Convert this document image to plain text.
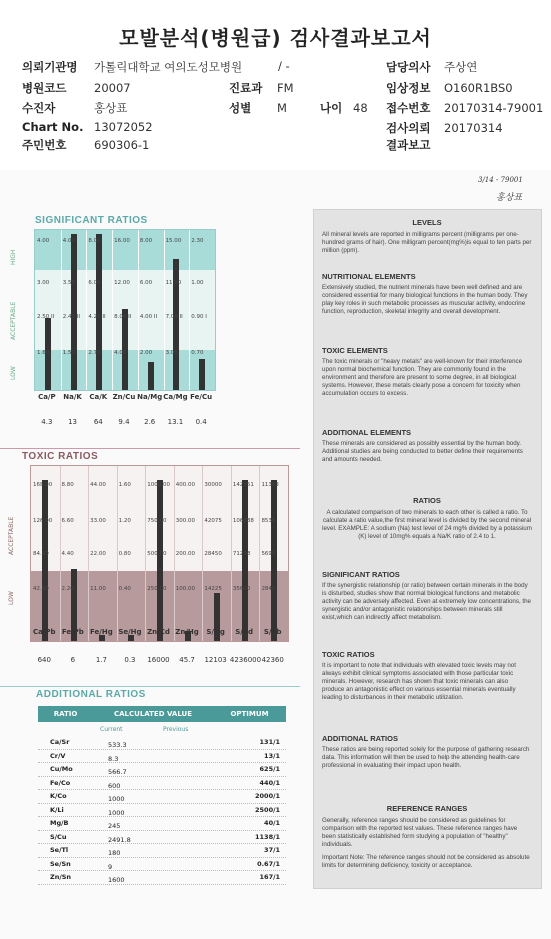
모발분석(병원급) 검사결과보고서
의뢰기관명 가톨릭대학교 여의도성모병원
병원코드 20007
수진자	홍상표
Chart No. 13072052
주민번호 690306-1
/ -
진료과 FM
성별 M	나이 48
담당의사 주상연
임상정보 O160R1BS0
접수번호 20170314-79001
검사의뢰 20170314
결과보고
3/14 - 79001
홍상표
SIGNIFICANT RATIOS
4.00
3.00
2.50 II
1.60
4.00
3.50
2.40 II
1.50
8.00
6.00
4.20 II
2.70
16.00
12.00
8.00 II
4.00
8.00
6.00
4.00 II
2.00
15.00
11.00
7.00 II
3.00
2.30
1.00
0.90 I
0.70
HIGH
ACCEPTABLE
LOW
Ca/P
4.3
Na/K
13
Ca/K
64
Zn/Cu
9.4
Na/Mg
2.6
Ca/Mg
13.1
Fe/Cu
0.4
TOXIC RATIOS
168.00
126.00
84.00
42.00
8.80
6.60
4.40
2.20
44.00
33.00
22.00
11.00
1.60
1.20
0.80
0.40
1000.00
750.00
500.00
250.00
400.00
300.00
200.00
100.00
30000
42075
28450
14225
142351
106888
71238
35600
11383
8535
5690
2845
ACCEPTABLE
LOW
Ca/Pb
640
Fe/Pb
6
Fe/Hg
1.7
Se/Hg
0.3
Zn/Cd
16000
Zn/Hg
45.7
S/Hg
12103
S/Cd
4236000
S/Pb
42360
ADDITIONAL RATIOS
RATIO	CALCULATED VALUE	OPTIMUM
Current	Previous
Ca/Sr	533.3	131/1
Cr/V	8.3	13/1
Cu/Mo	566.7	625/1
Fe/Co	600	440/1
K/Co	1000	2000/1
K/Li	1000	2500/1
Mg/B	245	40/1
S/Cu	2491.8	1138/1
Se/Tl	180	37/1
Se/Sn	9	0.67/1
Zn/Sn	1600	167/1
LEVELS

All mineral levels are reported in milligrams percent (milligrams per one-hundred grams of hair). One milligram percent(mg%)is equal to ten parts per million (ppm).

NUTRITIONAL ELEMENTS

Extensively studied, the nutrient minerals have been well defined and are considered essential for many biological functions in the human body. They play key roles in such metabolic processes as muscular activity, endocrine function, reproduction, skeletal integrity and overall development.

TOXIC ELEMENTS

The toxic minerals or "heavy metals" are well-known for their interference upon normal biochemical function. They are commonly found in the environment and therefore are present to some degree, in all biological systems. However, these metals clearly pose a concern for toxicity when accumulation occurs to excess.

ADDITIONAL ELEMENTS

These minerals are considered as possibly essential by the human body. Additional studies are being conducted to better define their requirements and amounts needed.

RATIOS

A calculated comparison of two minerals to each other is called a ratio. To calculate a ratio value,the first mineral level is divided by the second mineral level. EXAMPLE: A sodium (Na) test level of 24 mg% divided by a potassium (K) level of 10mg% equals a Na/K ratio of 2.4 to 1.

SIGNIFICANT RATIOS

If the synergistic relationship (or ratio) between certain minerals in the body is disturbed, studies show that normal biological functions and metabolic activity can be adversely affected. Even at extremely low concentrations, the synergistic and/or antagonistic relationships between minerals still exist,which can indirectly affect metabolism.

TOXIC RATIOS

It is important to note that individuals with elevated toxic levels may not always exhibit clinical symptoms associated with those particular toxic minerals. However, research has shown that toxic minerals can also produce an antagonistic effect on various essential minerals eventually leading to disturbances in their metabolic utilization.

ADDITIONAL RATIOS

These ratios are being reported solely for the purpose of gathering research data. This information will then be used to help the attending health-care professional in evaluating their impact upon health.

REFERENCE RANGES

Generally, reference ranges should be considered as guidelines for comparison with the reported test values. These reference ranges have been statistically established form studying a population of "healthy" individuals.

Important Note: The reference ranges should not be considered as absolute limits for determining deficiency, toxicity or acceptance.
